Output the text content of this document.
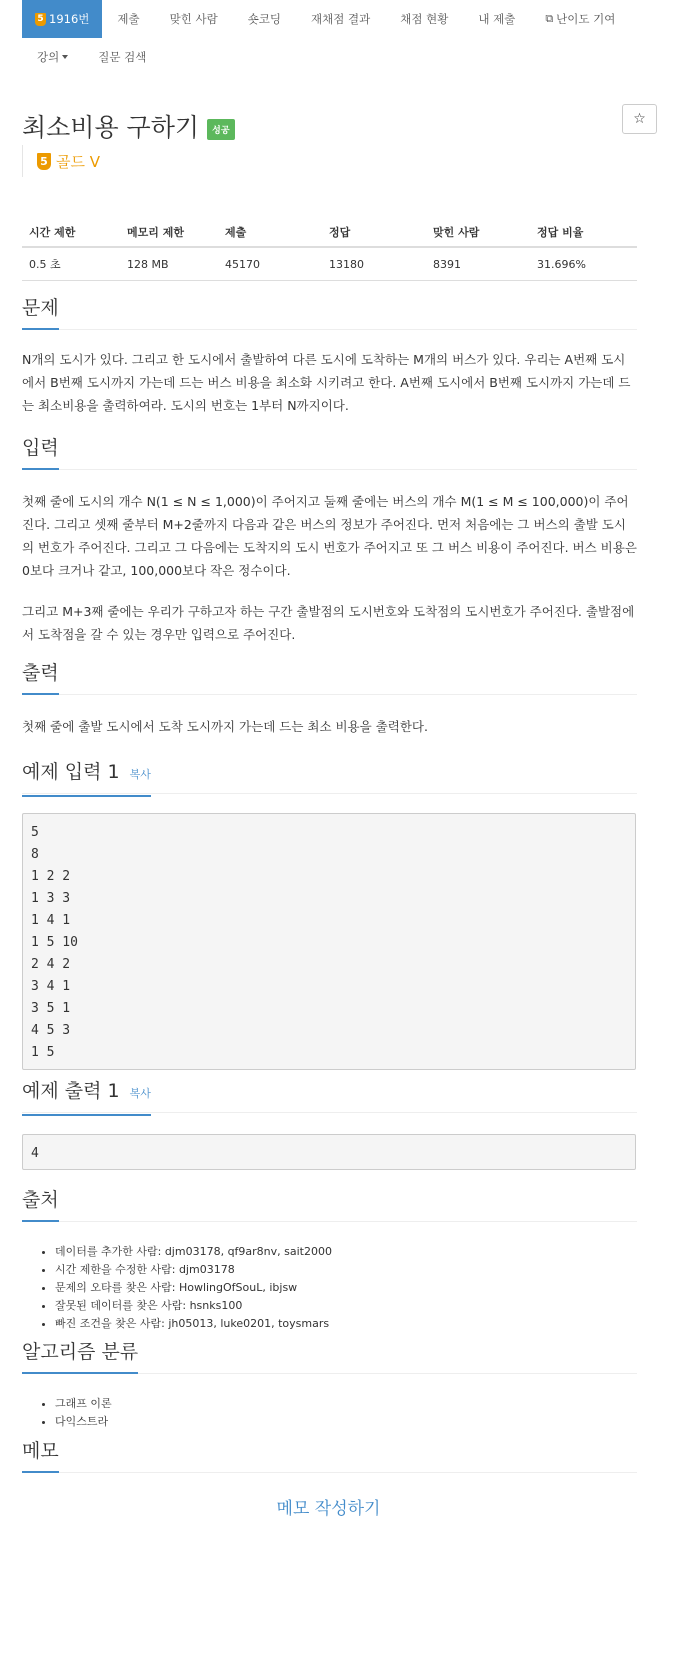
5 1916번	제출	맞힌 사람	숏코딩	재채점 결과	채점 현황	내 제출	⧉ 난이도 기여
강의	질문 검색
최소비용 구하기 성공
☆
5 골드 V
시간 제한	메모리 제한	제출	정답	맞힌 사람	정답 비율
0.5 초	128 MB	45170	13180	8391	31.696%
문제
N개의 도시가 있다. 그리고 한 도시에서 출발하여 다른 도시에 도착하는 M개의 버스가 있다. 우리는 A번째 도시에서 B번째 도시까지 가는데 드는 버스 비용을 최소화 시키려고 한다. A번째 도시에서 B번째 도시까지 가는데 드는 최소비용을 출력하여라. 도시의 번호는 1부터 N까지이다.
입력
첫째 줄에 도시의 개수 N(1 ≤ N ≤ 1,000)이 주어지고 둘째 줄에는 버스의 개수 M(1 ≤ M ≤ 100,000)이 주어진다. 그리고 셋째 줄부터 M+2줄까지 다음과 같은 버스의 정보가 주어진다. 먼저 처음에는 그 버스의 출발 도시의 번호가 주어진다. 그리고 그 다음에는 도착지의 도시 번호가 주어지고 또 그 버스 비용이 주어진다. 버스 비용은 0보다 크거나 같고, 100,000보다 작은 정수이다.
그리고 M+3째 줄에는 우리가 구하고자 하는 구간 출발점의 도시번호와 도착점의 도시번호가 주어진다. 출발점에서 도착점을 갈 수 있는 경우만 입력으로 주어진다.
출력
첫째 줄에 출발 도시에서 도착 도시까지 가는데 드는 최소 비용을 출력한다.
예제 입력 1 복사
5
8
1 2 2
1 3 3
1 4 1
1 5 10
2 4 2
3 4 1
3 5 1
4 5 3
1 5
예제 출력 1 복사
4
출처
• 데이터를 추가한 사람: djm03178, qf9ar8nv, sait2000
• 시간 제한을 수정한 사람: djm03178
• 문제의 오타를 찾은 사람: HowlingOfSouL, ibjsw
• 잘못된 데이터를 찾은 사람: hsnks100
• 빠진 조건을 찾은 사람: jh05013, luke0201, toysmars
알고리즘 분류
• 그래프 이론
• 다익스트라
메모
메모 작성하기
